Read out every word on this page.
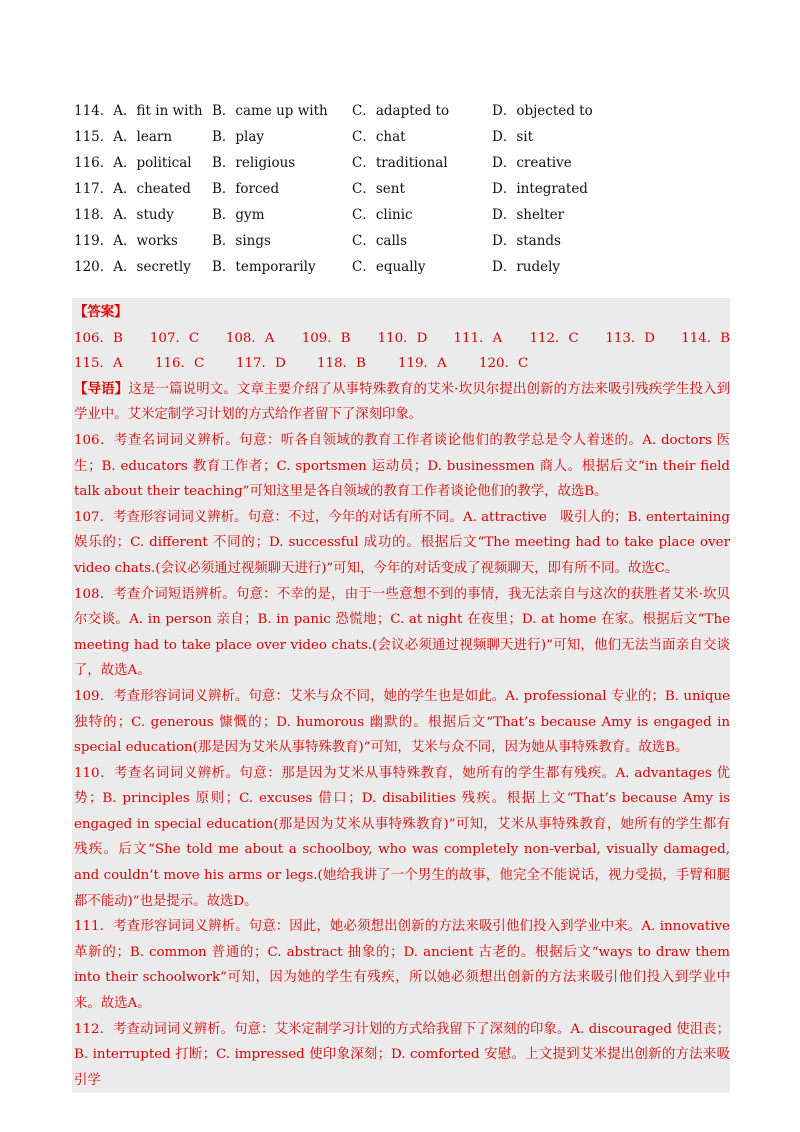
114．A．fit in with B．came up with	C．adapted to	D．objected to
115．A．learn	B．play	C．chat	D．sit
116．A．political	B．religious	C．traditional	D．creative
117．A．cheated	B．forced	C．sent	D．integrated
118．A．study	B．gym	C．clinic	D．shelter
119．A．works	B．sings	C．calls	D．stands
120．A．secretly	B．temporarily	C．equally	D．rudely
【答案】
106．B	107．C	108．A	109．B	110．D	111．A	112．C	113．D	114．B
115．A	116．C	117．D	118．B	119．A	120．C

【导语】这是一篇说明文。文章主要介绍了从事特殊教育的艾米·坎贝尔提出创新的方法来吸引残疾学生投入到学业中。艾米定制学习计划的方式给作者留下了深刻印象。

106．考查名词词义辨析。句意：听各自领域的教育工作者谈论他们的教学总是令人着迷的。A. doctors 医生；B. educators 教育工作者；C. sportsmen 运动员；D. businessmen 商人。根据后文“in their field talk about their teaching”可知这里是各自领域的教育工作者谈论他们的教学，故选B。

107．考查形容词词义辨析。句意：不过，今年的对话有所不同。A. attractive　吸引人的；B. entertaining 娱乐的；C. different 不同的；D. successful 成功的。根据后文“The meeting had to take place over video chats.(会议必须通过视频聊天进行)”可知，今年的对话变成了视频聊天，即有所不同。故选C。

108．考查介词短语辨析。句意：不幸的是，由于一些意想不到的事情，我无法亲自与这次的获胜者艾米·坎贝尔交谈。A. in person 亲自；B. in panic 恐慌地；C. at night 在夜里；D. at home 在家。根据后文“The meeting had to take place over video chats.(会议必须通过视频聊天进行)”可知，他们无法当面亲自交谈了，故选A。

109．考查形容词词义辨析。句意：艾米与众不同，她的学生也是如此。A. professional 专业的；B. unique 独特的；C. generous 慷慨的；D. humorous 幽默的。根据后文“That’s because Amy is engaged in special education(那是因为艾米从事特殊教育)”可知，艾米与众不同，因为她从事特殊教育。故选B。

110．考查名词词义辨析。句意：那是因为艾米从事特殊教育，她所有的学生都有残疾。A. advantages 优势；B. principles 原则；C. excuses 借口；D. disabilities 残疾。根据上文“That’s because Amy is engaged in special education(那是因为艾米从事特殊教育)”可知，艾米从事特殊教育，她所有的学生都有残疾。后文“She told me about a schoolboy, who was completely non-verbal, visually damaged, and couldn’t move his arms or legs.(她给我讲了一个男生的故事，他完全不能说话，视力受损，手臂和腿都不能动)”也是提示。故选D。

111．考查形容词词义辨析。句意：因此，她必须想出创新的方法来吸引他们投入到学业中来。A. innovative 革新的；B. common 普通的；C. abstract 抽象的；D. ancient 古老的。根据后文“ways to draw them into their schoolwork”可知，因为她的学生有残疾，所以她必须想出创新的方法来吸引他们投入到学业中来。故选A。

112．考查动词词义辨析。句意：艾米定制学习计划的方式给我留下了深刻的印象。A. discouraged 使沮丧；B. interrupted 打断；C. impressed 使印象深刻；D. comforted 安慰。上文提到艾米提出创新的方法来吸引学
